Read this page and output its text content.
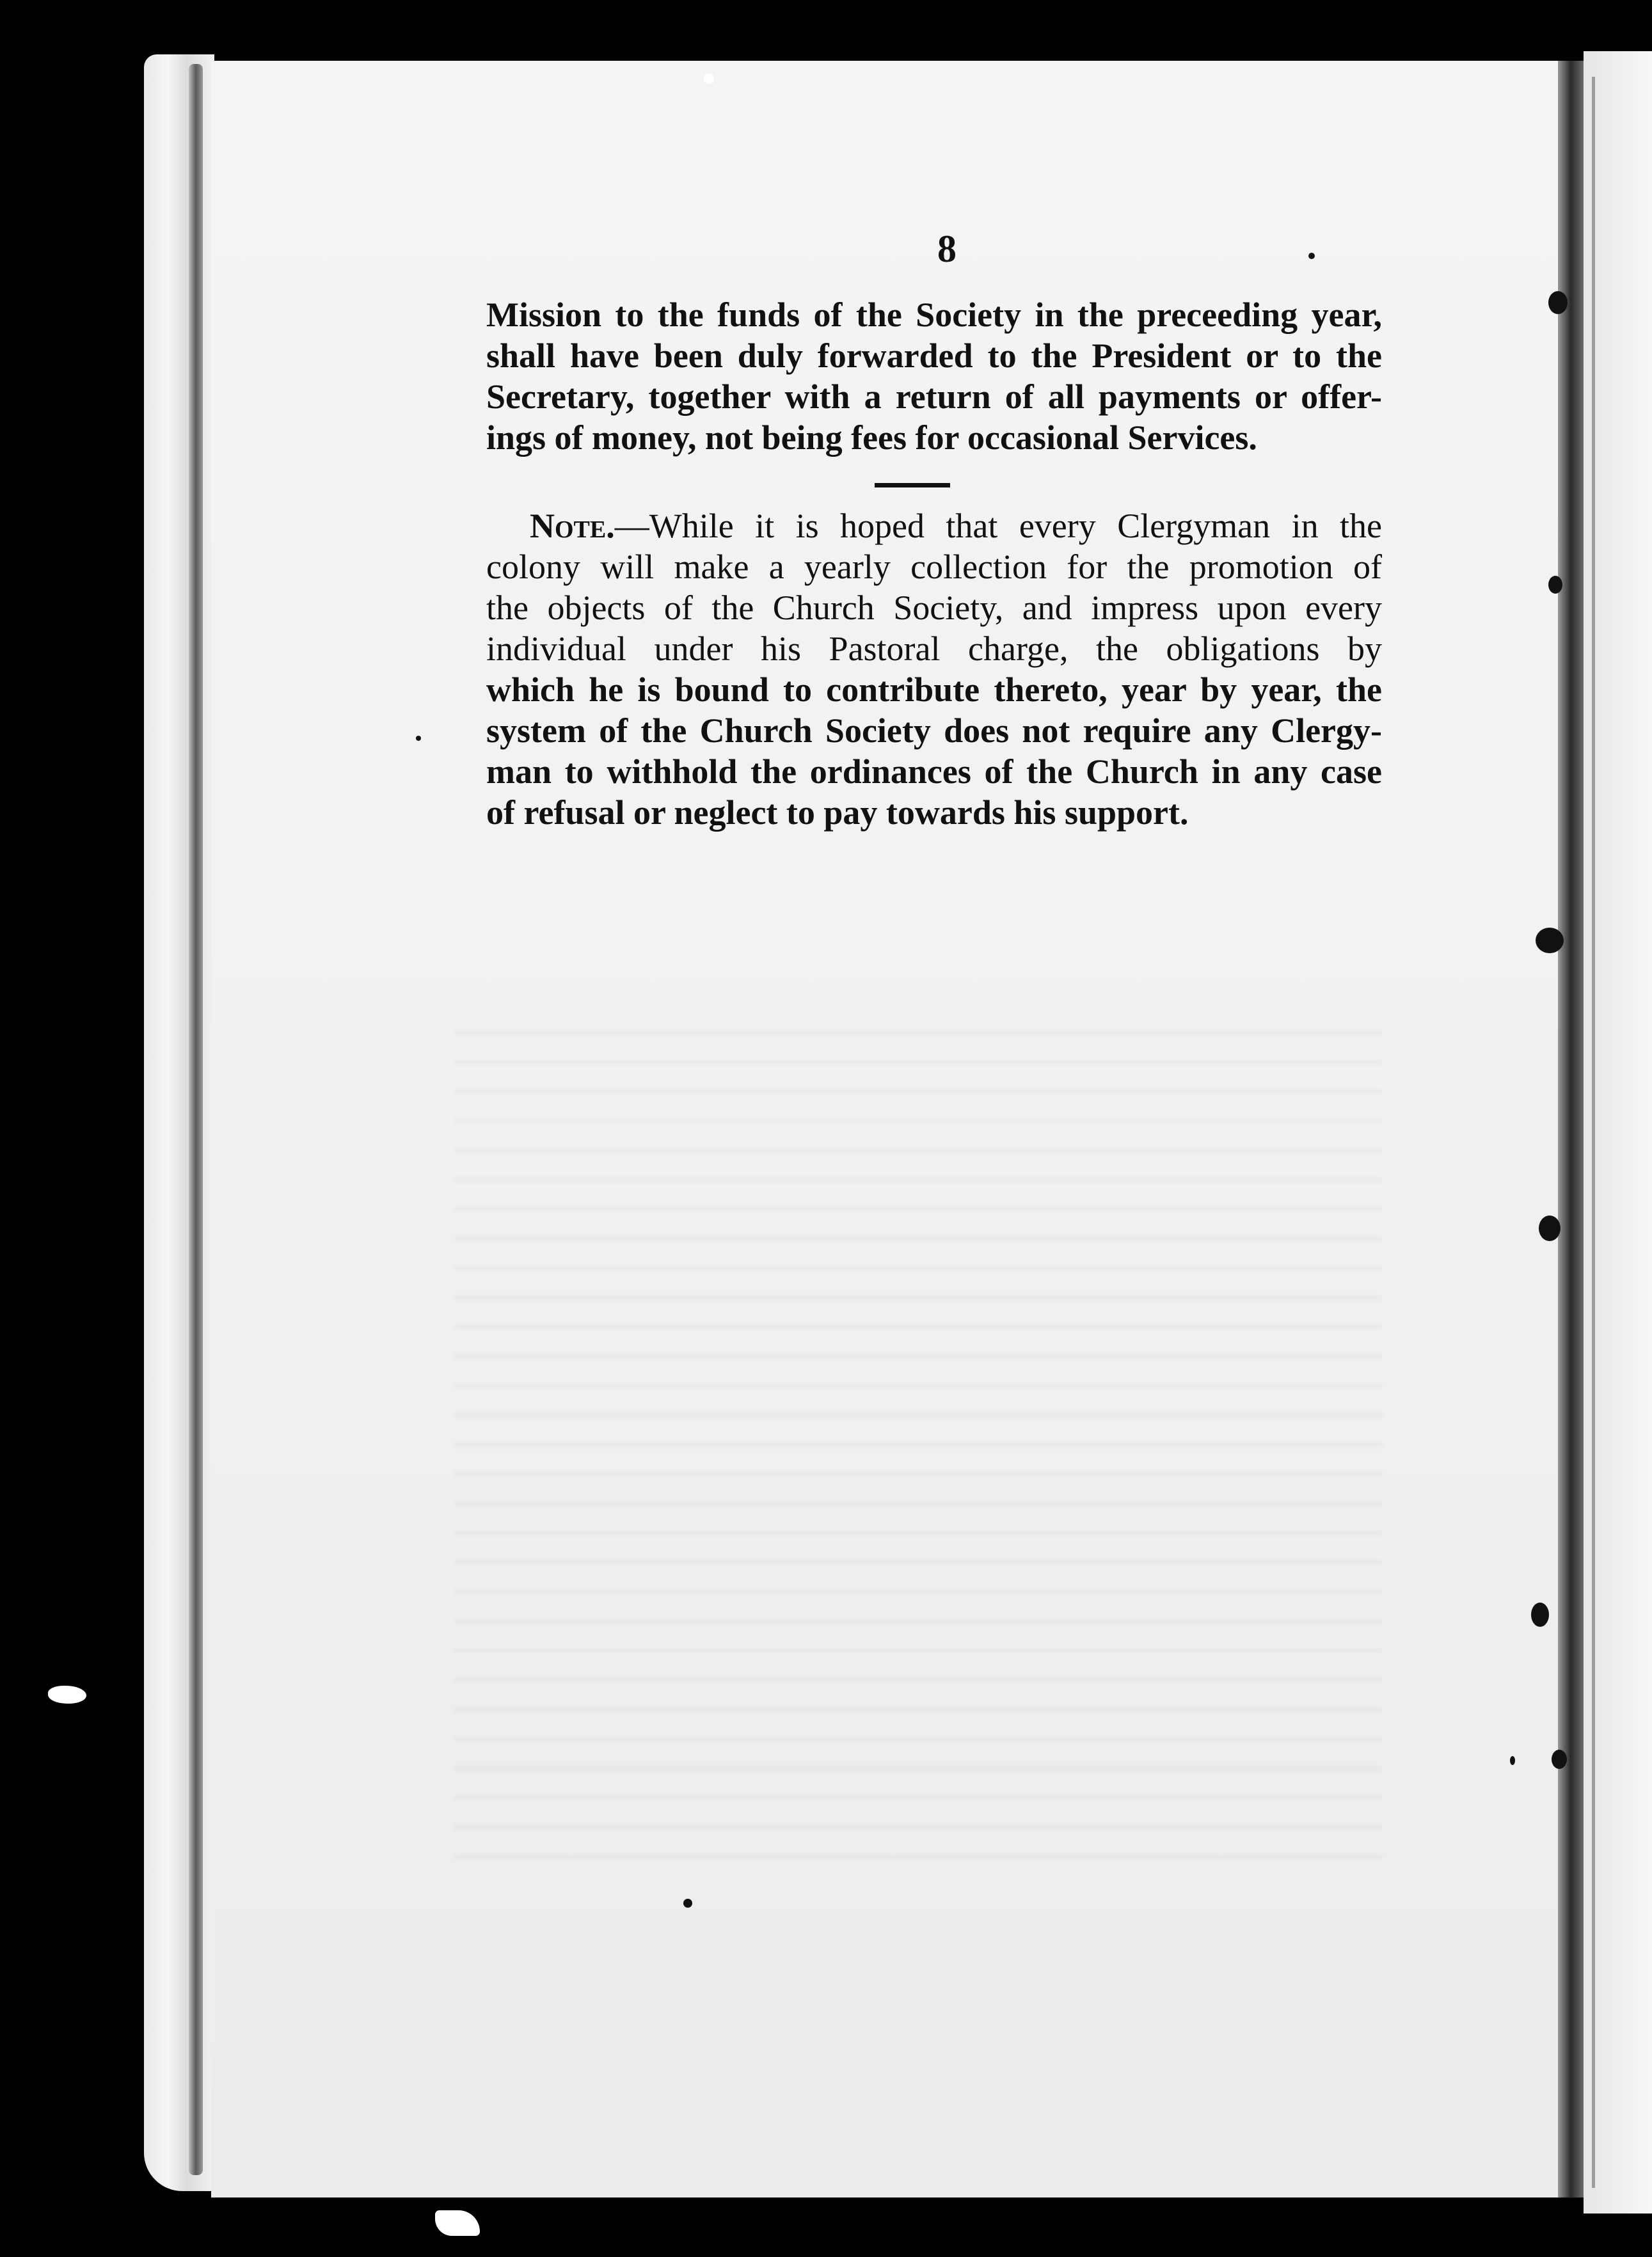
8
Mission to the funds of the Society in the preceeding year,
shall have been duly forwarded to the President or to the
Secretary, together with a return of all payments or offer-
ings of money, not being fees for occasional Services.
Note.—While it is hoped that every Clergyman in the
colony will make a yearly collection for the promotion of
the objects of the Church Society, and impress upon every
individual under his Pastoral charge, the obligations by
which he is bound to contribute thereto, year by year, the
system of the Church Society does not require any Clergy-
man to withhold the ordinances of the Church in any case
of refusal or neglect to pay towards his support.
